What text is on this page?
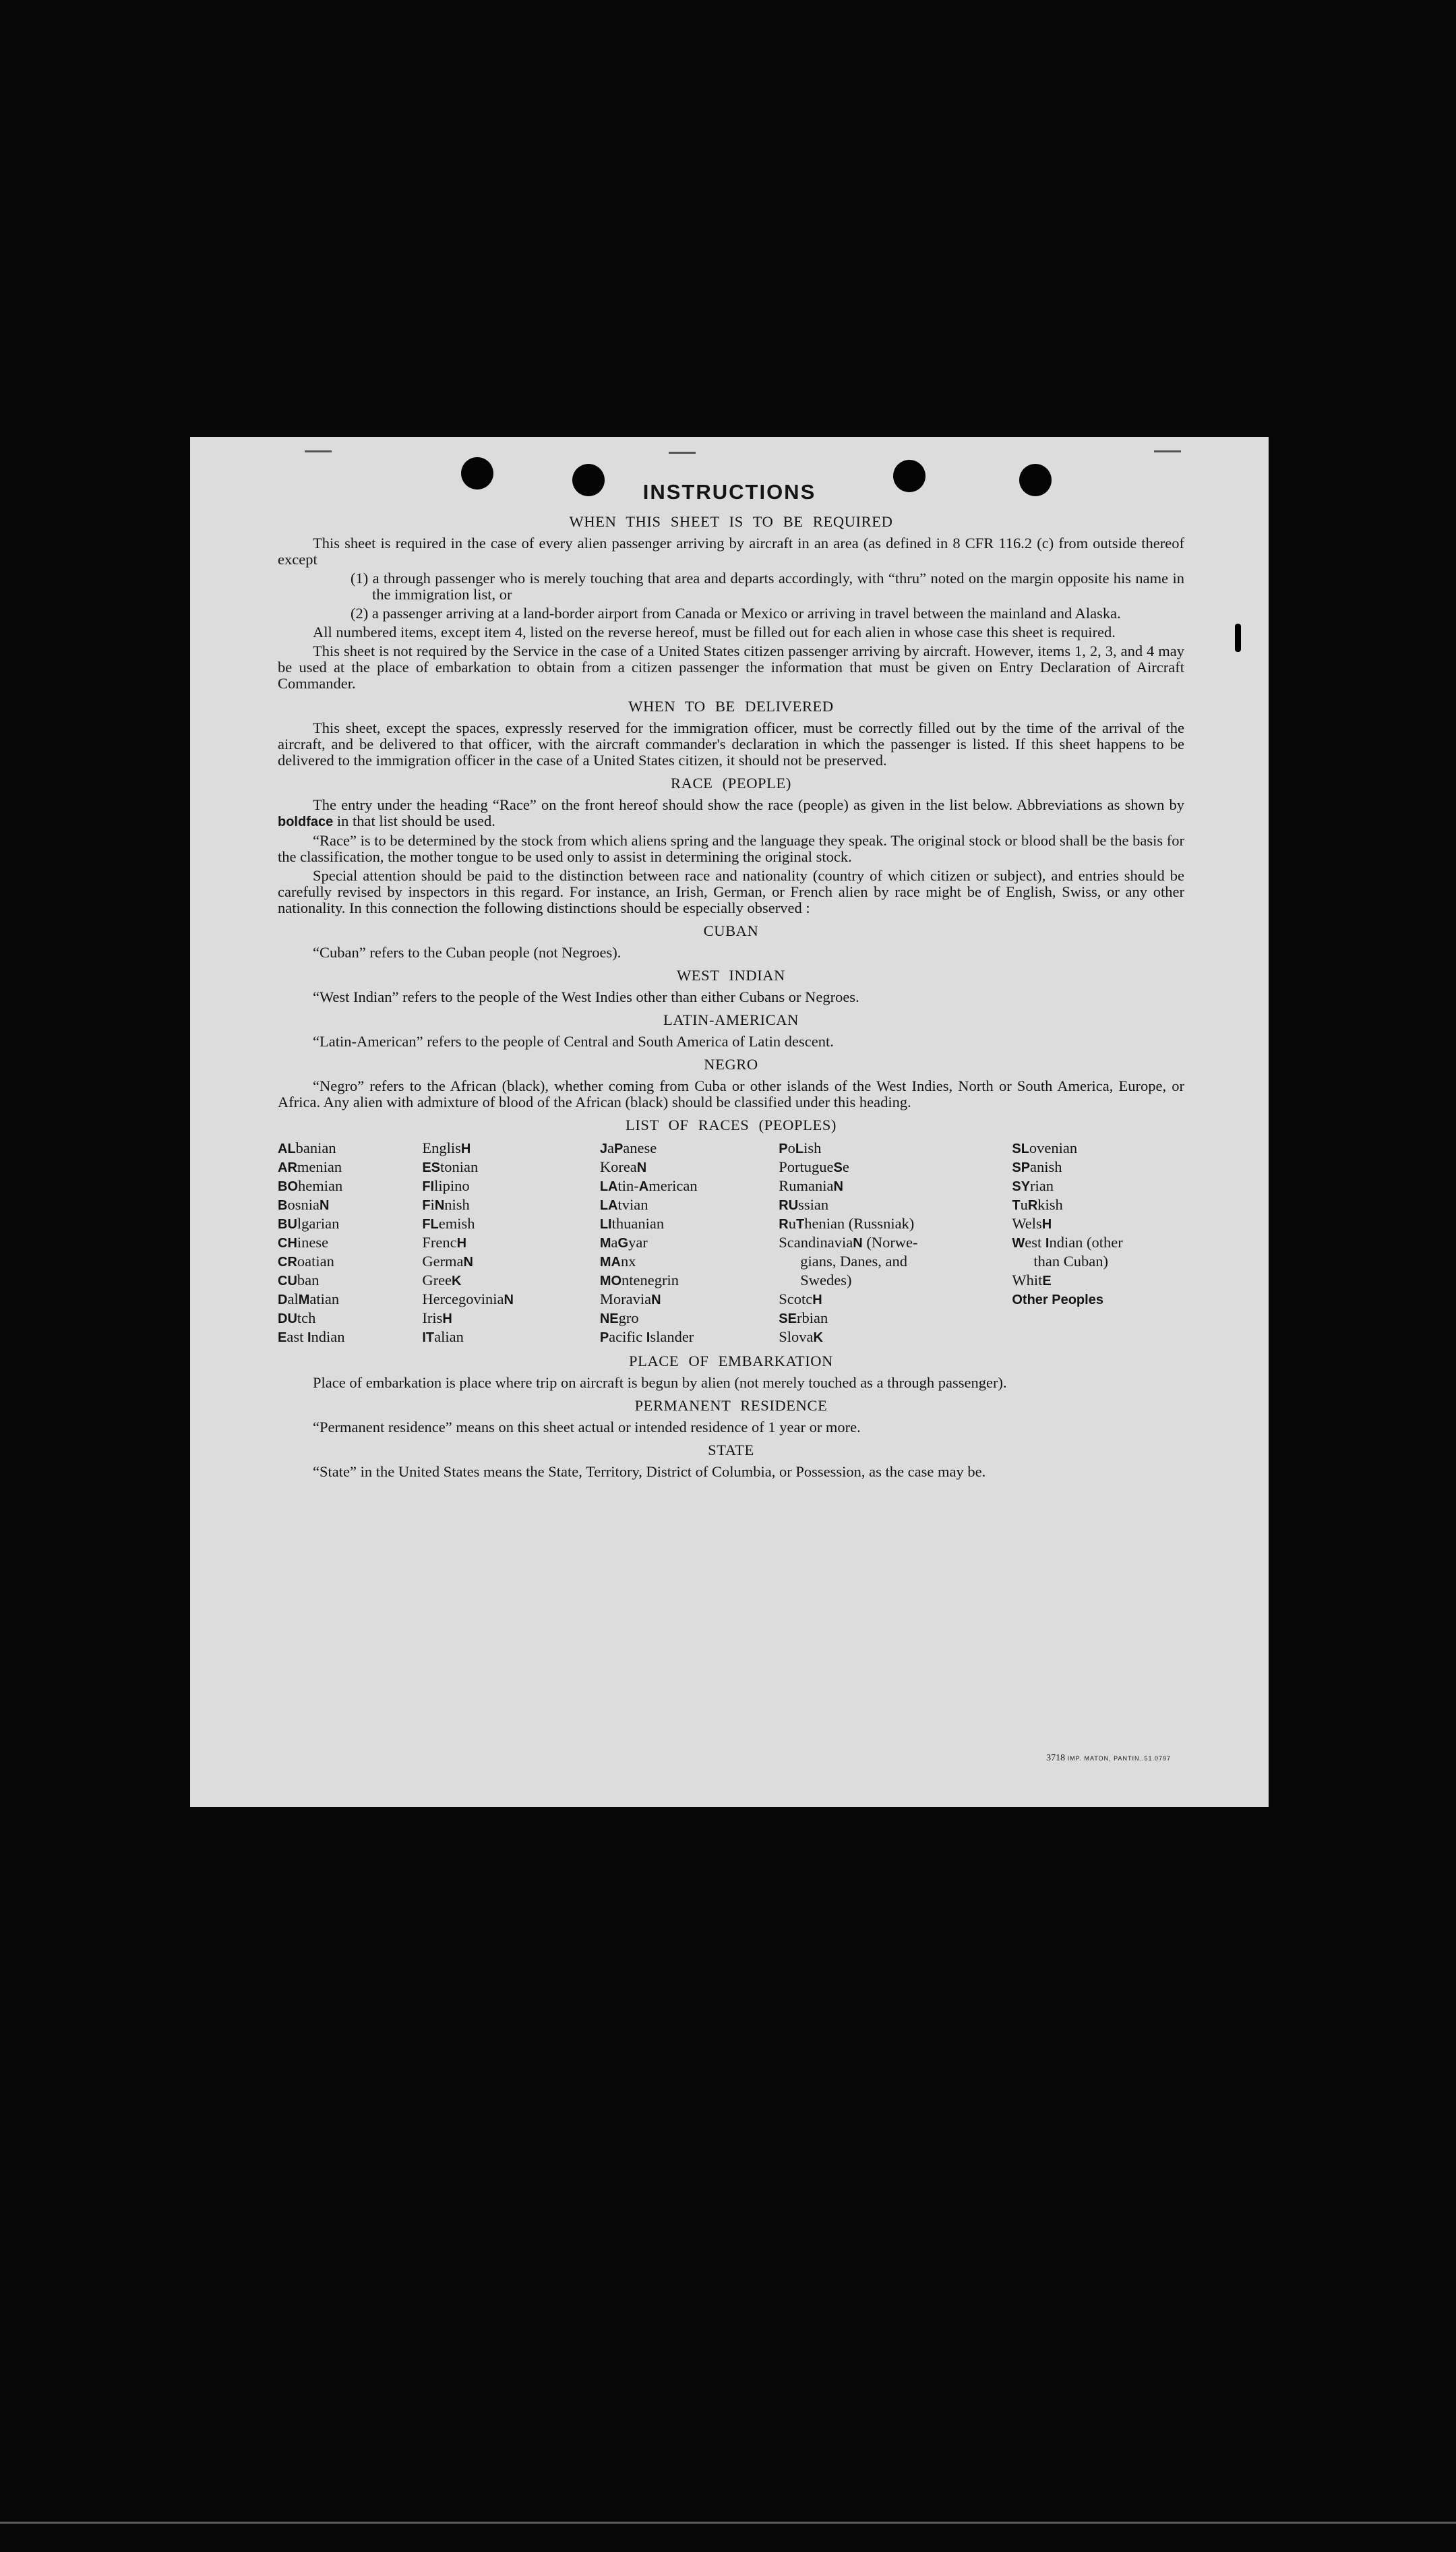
INSTRUCTIONS
WHEN THIS SHEET IS TO BE REQUIRED

This sheet is required in the case of every alien passenger arriving by aircraft in an area (as defined in 8 CFR 116.2 (c) from outside thereof except

(1) a through passenger who is merely touching that area and departs accordingly, with “thru” noted on the margin opposite his name in the immigration list, or

(2) a passenger arriving at a land-border airport from Canada or Mexico or arriving in travel between the mainland and Alaska.

All numbered items, except item 4, listed on the reverse hereof, must be filled out for each alien in whose case this sheet is required.

This sheet is not required by the Service in the case of a United States citizen passenger arriving by aircraft. However, items 1, 2, 3, and 4 may be used at the place of embarkation to obtain from a citizen passenger the information that must be given on Entry Declaration of Aircraft Commander.

WHEN TO BE DELIVERED

This sheet, except the spaces, expressly reserved for the immigration officer, must be correctly filled out by the time of the arrival of the aircraft, and be delivered to that officer, with the aircraft commander's declaration in which the passenger is listed. If this sheet happens to be delivered to the immigration officer in the case of a United States citizen, it should not be preserved.

RACE (PEOPLE)

The entry under the heading “Race” on the front hereof should show the race (people) as given in the list below. Abbreviations as shown by boldface in that list should be used.

“Race” is to be determined by the stock from which aliens spring and the language they speak. The original stock or blood shall be the basis for the classification, the mother tongue to be used only to assist in determining the original stock.

Special attention should be paid to the distinction between race and nationality (country of which citizen or subject), and entries should be carefully revised by inspectors in this regard. For instance, an Irish, German, or French alien by race might be of English, Swiss, or any other nationality. In this connection the following distinctions should be especially observed :

CUBAN

“Cuban” refers to the Cuban people (not Negroes).

WEST INDIAN

“West Indian” refers to the people of the West Indies other than either Cubans or Negroes.

LATIN-AMERICAN

“Latin-American” refers to the people of Central and South America of Latin descent.

NEGRO

“Negro” refers to the African (black), whether coming from Cuba or other islands of the West Indies, North or South America, Europe, or Africa. Any alien with admixture of blood of the African (black) should be classified under this heading.

LIST OF RACES (PEOPLES)
ALbanian
ARmenian
BOhemian
BosniaN
BUlgarian
CHinese
CRoatian
CUban
DalMatian
DUtch
East Indian
EnglisH
EStonian
FIlipino
FiNnish
FLemish
FrencH
GermaN
GreeK
HercegoviniaN
IrisH
ITalian
JaPanese
KoreaN
LAtin-American
LAtvian
LIthuanian
MaGyar
MAnx
MOntenegrin
MoraviaN
NEgro
Pacific Islander
PoLish
PortugueSe
RumaniaN
RUssian
RuThenian (Russniak)
ScandinaviaN (Norwe-
gians, Danes, and
Swedes)
ScotcH
SErbian
SlovaK
SLovenian
SPanish
SYrian
TuRkish
WelsH
West Indian (other
than Cuban)
WhitE
Other Peoples
PLACE OF EMBARKATION

Place of embarkation is place where trip on aircraft is begun by alien (not merely touched as a through passenger).

PERMANENT RESIDENCE

“Permanent residence” means on this sheet actual or intended residence of 1 year or more.

STATE

“State” in the United States means the State, Territory, District of Columbia, or Possession, as the case may be.

3718 IMP. MATON, PANTIN..51.0797
